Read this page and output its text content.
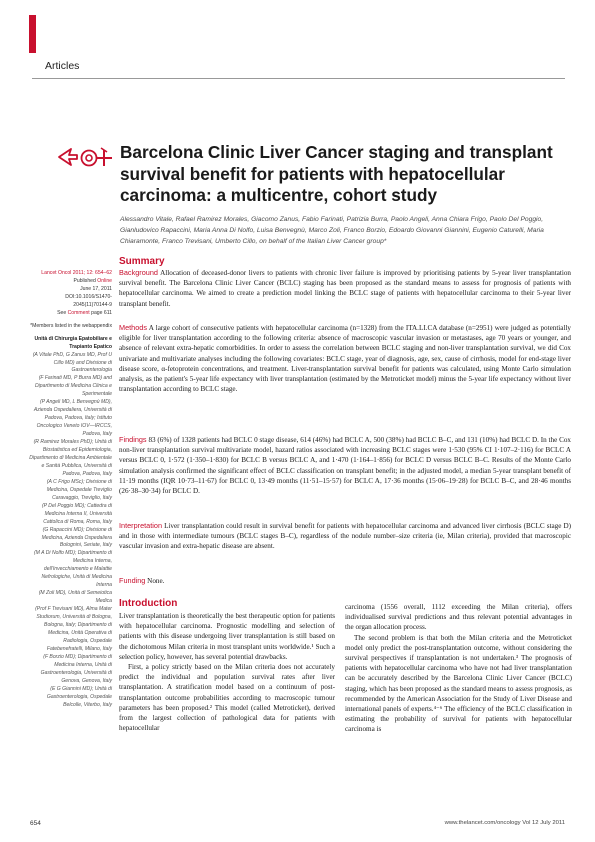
Articles
Barcelona Clinic Liver Cancer staging and transplant survival benefit for patients with hepatocellular carcinoma: a multicentre, cohort study
Alessandro Vitale, Rafael Ramirez Morales, Giacomo Zanus, Fabio Farinati, Patrizia Burra, Paolo Angeli, Anna Chiara Frigo, Paolo Del Poggio, Gianludovico Rapaccini, Maria Anna Di Nolfo, Luisa Benvegnù, Marco Zoli, Franco Borzio, Edoardo Giovanni Giannini, Eugenio Caturelli, Maria Chiaramonte, Franco Trevisani, Umberto Cillo, on behalf of the Italian Liver Cancer group*

Lancet Oncol 2011; 12: 654–62

Published Online

June 17, 2011

DOI:10.1016/S1470-

2045(11)70144-9

See Comment page 611

*Members listed in the webappendix

Unità di Chirurgia Epatobiliare e Trapianto Epatico

(A Vitale PhD, G Zanus MD, Prof U Cillo MD) and Divisione di Gastroenterologia

(F Farinati MD, P Burra MD) and Dipartimento di Medicina Clinica e Sperimentale

(P Angeli MD, L Benvegnù MD), Azienda Ospedaliera, Università di Padova, Padova, Italy; Istituto Oncologico Veneto IOV—IRCCS, Padova, Italy

(R Ramirez Morales PhD); Unità di Biostatistica ed Epidemiologia, Dipartimento di Medicina Ambientale e Sanità Pubblica, Università di Padova, Padova, Italy

(A C Frigo MSc); Divisione di Medicina, Ospedale Treviglio Caravaggio, Treviglio, Italy

(P Del Poggio MD); Cattedra di Medicina Interna II, Università Cattolica di Roma, Roma, Italy

(G Rapaccini MD); Divisione di Medicina, Azienda Ospedaliera Bolognini, Seriate, Italy

(M A Di Nolfo MD); Dipartimento di Medicina Interna, dell'Invecchiamento e Malattie Nefrologiche, Unità di Medicina Interna

(M Zoli MD), Unità di Semeiotica Medica

(Prof F Trevisani MD), Alma Mater Studiorum, Università di Bologna, Bologna, Italy; Dipartimento di Medicina, Unità Operativa di Radiologia, Ospedale Fatebenefratelli, Milano, Italy

(F Borzio MD); Dipartimento di Medicina Interna, Unità di Gastroenterologia, Università di Genova, Genova, Italy

(E G Giannini MD); Unità di Gastroenterologia, Ospedale Belcolle, Viterbo, Italy

Summary

Background Allocation of deceased-donor livers to patients with chronic liver failure is improved by prioritising patients by 5-year liver transplantation survival benefit. The Barcelona Clinic Liver Cancer (BCLC) staging has been proposed as the standard means to assess for prognosis of patients with hepatocellular carcinoma. We aimed to create a prediction model linking the BCLC stage of patients with hepatocellular carcinoma to their 5-year liver transplant benefit.

Methods A large cohort of consecutive patients with hepatocellular carcinoma (n=1328) from the ITA.LI.CA database (n=2951) were judged as potentially eligible for liver transplantation according to the following criteria: absence of macroscopic vascular invasion or metastases, age 70 years or younger, and absence of relevant extra-hepatic comorbidities. In order to assess the correlation between BCLC staging and non-liver transplantation survival, we did Cox univariate and multivariate analyses including the following covariates: BCLC stage, year of diagnosis, age, sex, cause of cirrhosis, model for end-stage liver disease score, α-fetoprotein concentrations, and treatment. Liver-transplantation survival benefit for patients was calculated, using Monte Carlo simulation analysis, as the patient's 5-year life expectancy with liver transplantation (estimated by the Metroticket model) minus the 5-year life expectancy without liver transplantation according to BCLC stage.

Findings 83 (6%) of 1328 patients had BCLC 0 stage disease, 614 (46%) had BCLC A, 500 (38%) had BCLC B–C, and 131 (10%) had BCLC D. In the Cox non-liver transplantation survival multivariate model, hazard ratios associated with increasing BCLC stages were 1·530 (95% CI 1·107–2·116) for BCLC A versus BCLC 0, 1·572 (1·350–1·830) for BCLC B versus BCLC A, and 1·470 (1·164–1·856) for BCLC D versus BCLC B–C. Results of the Monte Carlo simulation analysis confirmed the significant effect of BCLC classification on transplant benefit; in the adjusted model, a median 5-year transplant benefit of 11·19 months (IQR 10·73–11·67) for BCLC 0, 13·49 months (11·51–15·57) for BCLC A, 17·36 months (15·06–19·28) for BCLC B–C, and 28·46 months (26·38–30·34) for BCLC D.

Interpretation Liver transplantation could result in survival benefit for patients with hepatocellular carcinoma and advanced liver cirrhosis (BCLC stage D) and in those with intermediate tumours (BCLC stages B–C), regardless of the nodule number–size criteria (ie, Milan criteria), provided that macroscopic vascular invasion and extra-hepatic disease are absent.

Funding None.

Introduction

Liver transplantation is theoretically the best therapeutic option for patients with hepatocellular carcinoma. Prognostic modelling and selection of patients with this disease undergoing liver transplantation is still based on the dichotomous Milan criteria in most transplant units worldwide.¹ Such a selection policy, however, has several potential drawbacks.

First, a policy strictly based on the Milan criteria does not accurately predict the individual and population survival rates after liver transplantation. A stratification model based on a continuum of post-transplantation outcome probabilities according to macroscopic tumour parameters has been proposed.² This model (called Metroticket), derived from the largest collection of pathological data for patients with hepatocellular

carcinoma (1556 overall, 1112 exceeding the Milan criteria), offers individualised survival predictions and thus relevant potential advantages in the organ allocation process.

The second problem is that both the Milan criteria and the Metroticket model only predict the post-transplantation outcome, without considering the survival perspectives if transplantation is not undertaken.³ The prognosis of patients with hepatocellular carcinoma who have not had liver transplantation can be accurately described by the Barcelona Clinic Liver Cancer (BCLC) staging, which has been proposed as the standard means to assess prognosis, as recommended by the American Association for the Study of Liver Disease and international panels of experts.⁴⁻⁶ The efficiency of the BCLC classification in estimating the probability of survival for patients with hepatocellular carcinoma is

654	www.thelancet.com/oncology Vol 12 July 2011
